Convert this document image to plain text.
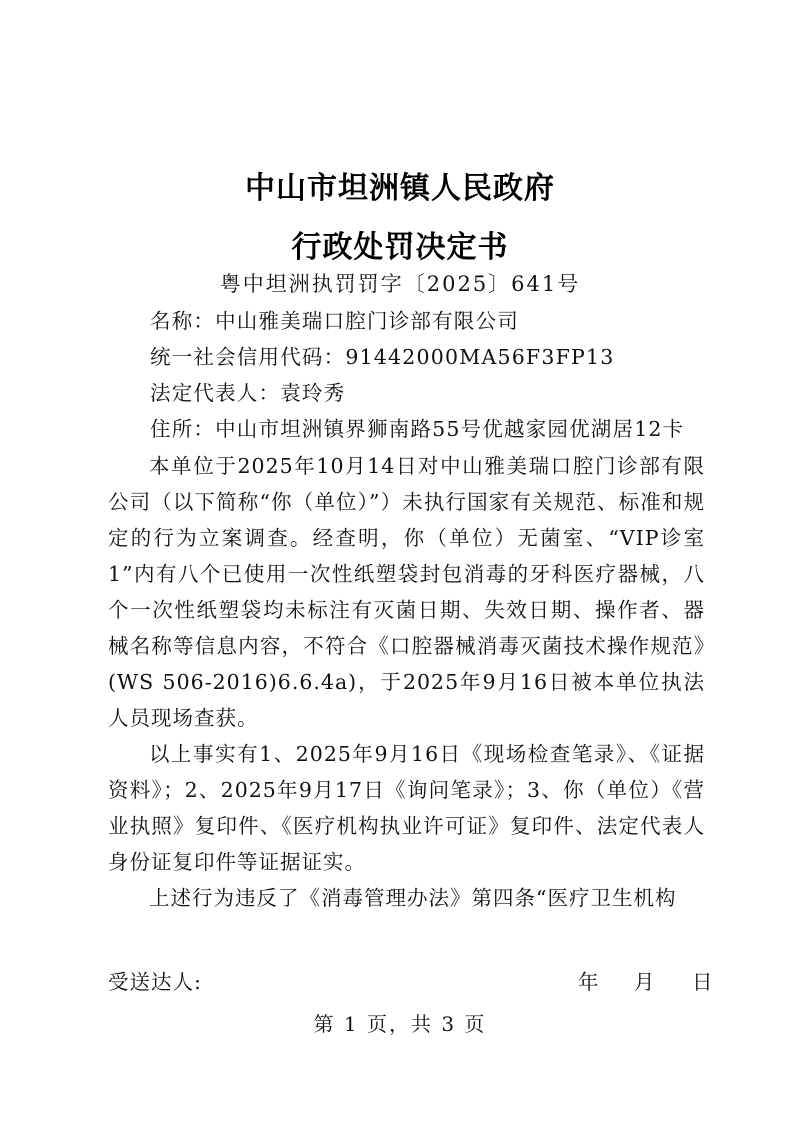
中山市坦洲镇人民政府
行政处罚决定书
粤中坦洲执罚罚字〔2025〕641号
名称：中山雅美瑞口腔门诊部有限公司
统一社会信用代码：91442000MA56F3FP13
法定代表人：袁玲秀
住所：中山市坦洲镇界狮南路55号优越家园优湖居12卡

本单位于2025年10月14日对中山雅美瑞口腔门诊部有限公司（以下简称“你（单位）”）未执行国家有关规范、标准和规定的行为立案调查。经查明，你（单位）无菌室、“VIP诊室1”内有八个已使用一次性纸塑袋封包消毒的牙科医疗器械，八个一次性纸塑袋均未标注有灭菌日期、失效日期、操作者、器械名称等信息内容，不符合《口腔器械消毒灭菌技术操作规范》(WS 506-2016)6.6.4a)，于2025年9月16日被本单位执法人员现场查获。

以上事实有1、2025年9月16日《现场检查笔录》、《证据资料》；2、2025年9月17日《询问笔录》；3、你（单位）《营业执照》复印件、《医疗机构执业许可证》复印件、法定代表人身份证复印件等证据证实。

上述行为违反了《消毒管理办法》第四条“医疗卫生机构

受送达人:	年	月	日
第 1 页，共 3 页
